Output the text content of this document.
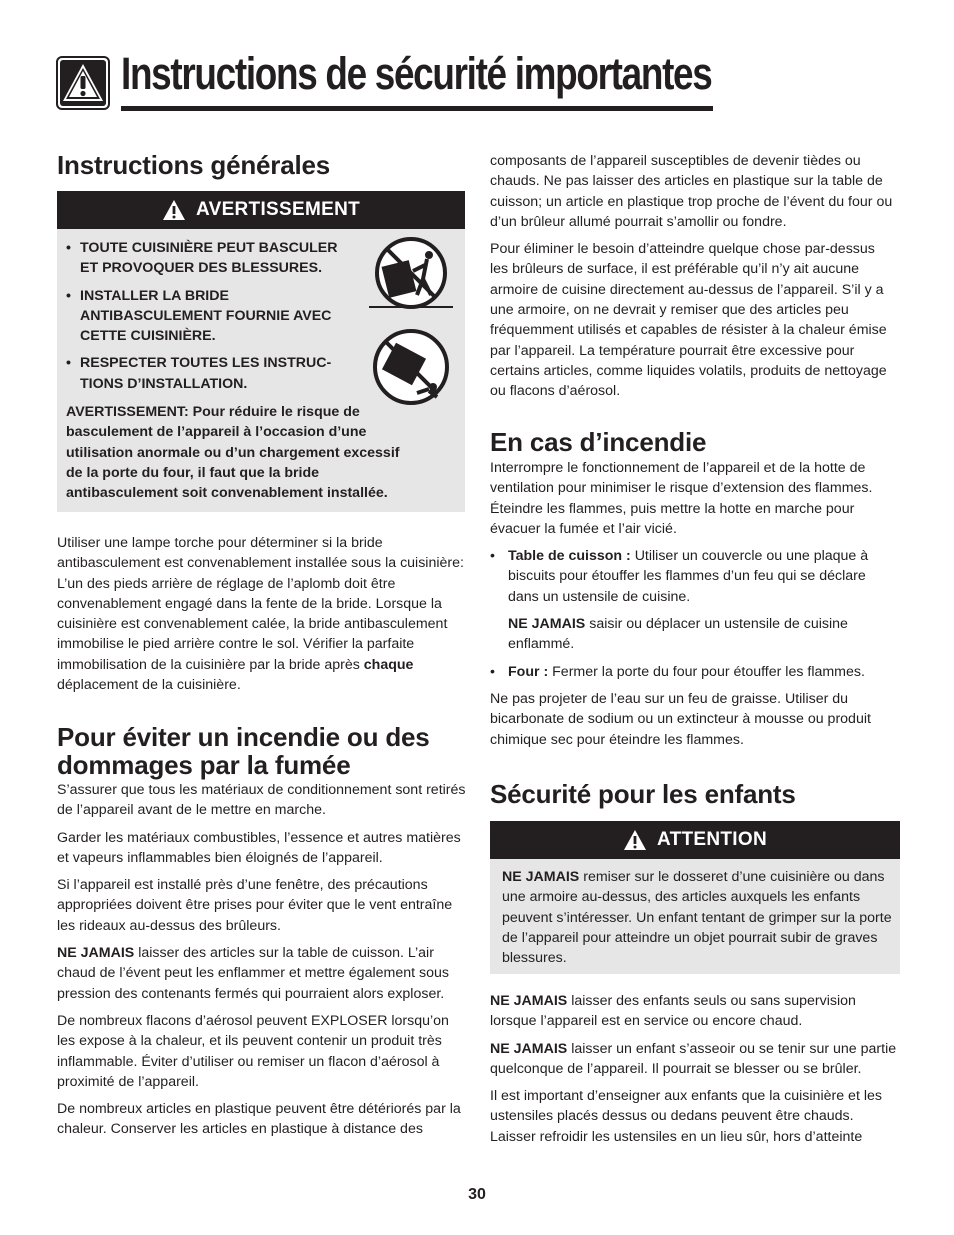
Instructions de sécurité importantes
Instructions générales
AVERTISSEMENT

• TOUTE CUISINIÈRE PEUT BASCULER ET PROVOQUER DES BLESSURES.

• INSTALLER LA BRIDE ANTIBASCULEMENT FOURNIE AVEC CETTE CUISINIÈRE.

• RESPECTER TOUTES LES INSTRUC- TIONS D’INSTALLATION.

AVERTISSEMENT: Pour réduire le risque de basculement de l’appareil à l’occasion d’une utilisation anormale ou d’un chargement excessif de la porte du four, il faut que la bride antibasculement soit convenablement installée.

Utiliser une lampe torche pour déterminer si la bride antibasculement est convenablement installée sous la cuisinière: L’un des pieds arrière de réglage de l’aplomb doit être convenablement engagé dans la fente de la bride. Lorsque la cuisinière est convenablement calée, la bride antibasculement immobilise le pied arrière contre le sol. Vérifier la parfaite immobilisation de la cuisinière par la bride après chaque déplacement de la cuisinière.

Pour éviter un incendie ou des
dommages par la fumée

S’assurer que tous les matériaux de conditionnement sont retirés de l’appareil avant de le mettre en marche.

Garder les matériaux combustibles, l’essence et autres matières et vapeurs inflammables bien éloignés de l’appareil.

Si l’appareil est installé près d’une fenêtre, des précautions appropriées doivent être prises pour éviter que le vent entraîne les rideaux au-dessus des brûleurs.

NE JAMAIS laisser des articles sur la table de cuisson. L’air chaud de l’évent peut les enflammer et mettre également sous pression des contenants fermés qui pourraient alors exploser.

De nombreux flacons d’aérosol peuvent EXPLOSER lorsqu’on les expose à la chaleur, et ils peuvent contenir un produit très inflammable. Éviter d’utiliser ou remiser un flacon d’aérosol à proximité de l’appareil.

De nombreux articles en plastique peuvent être détériorés par la chaleur. Conserver les articles en plastique à distance des

composants de l’appareil susceptibles de devenir tièdes ou chauds. Ne pas laisser des articles en plastique sur la table de cuisson; un article en plastique trop proche de l’évent du four ou d’un brûleur allumé pourrait s’amollir ou fondre.

Pour éliminer le besoin d’atteindre quelque chose par-dessus les brûleurs de surface, il est préférable qu’il n’y ait aucune armoire de cuisine directement au-dessus de l’appareil. S’il y a une armoire, on ne devrait y remiser que des articles peu fréquemment utilisés et capables de résister à la chaleur émise par l’appareil. La température pourrait être excessive pour certains articles, comme liquides volatils, produits de nettoyage ou flacons d’aérosol.

En cas d’incendie

Interrompre le fonctionnement de l’appareil et de la hotte de ventilation pour minimiser le risque d’extension des flammes. Éteindre les flammes, puis mettre la hotte en marche pour évacuer la fumée et l’air vicié.

• Table de cuisson : Utiliser un couvercle ou une plaque à biscuits pour étouffer les flammes d’un feu qui se déclare dans un ustensile de cuisine.

NE JAMAIS saisir ou déplacer un ustensile de cuisine enflammé.

• Four : Fermer la porte du four pour étouffer les flammes.

Ne pas projeter de l’eau sur un feu de graisse. Utiliser du bicarbonate de sodium ou un extincteur à mousse ou produit chimique sec pour éteindre les flammes.

Sécurité pour les enfants
ATTENTION

NE JAMAIS remiser sur le dosseret d’une cuisinière ou dans une armoire au-dessus, des articles auxquels les enfants peuvent s’intéresser. Un enfant tentant de grimper sur la porte de l’appareil pour atteindre un objet pourrait subir de graves blessures.

NE JAMAIS laisser des enfants seuls ou sans supervision lorsque l’appareil est en service ou encore chaud.

NE JAMAIS laisser un enfant s’asseoir ou se tenir sur une partie quelconque de l’appareil. Il pourrait se blesser ou se brûler.

Il est important d’enseigner aux enfants que la cuisinière et les ustensiles placés dessus ou dedans peuvent être chauds. Laisser refroidir les ustensiles en un lieu sûr, hors d’atteinte

30
